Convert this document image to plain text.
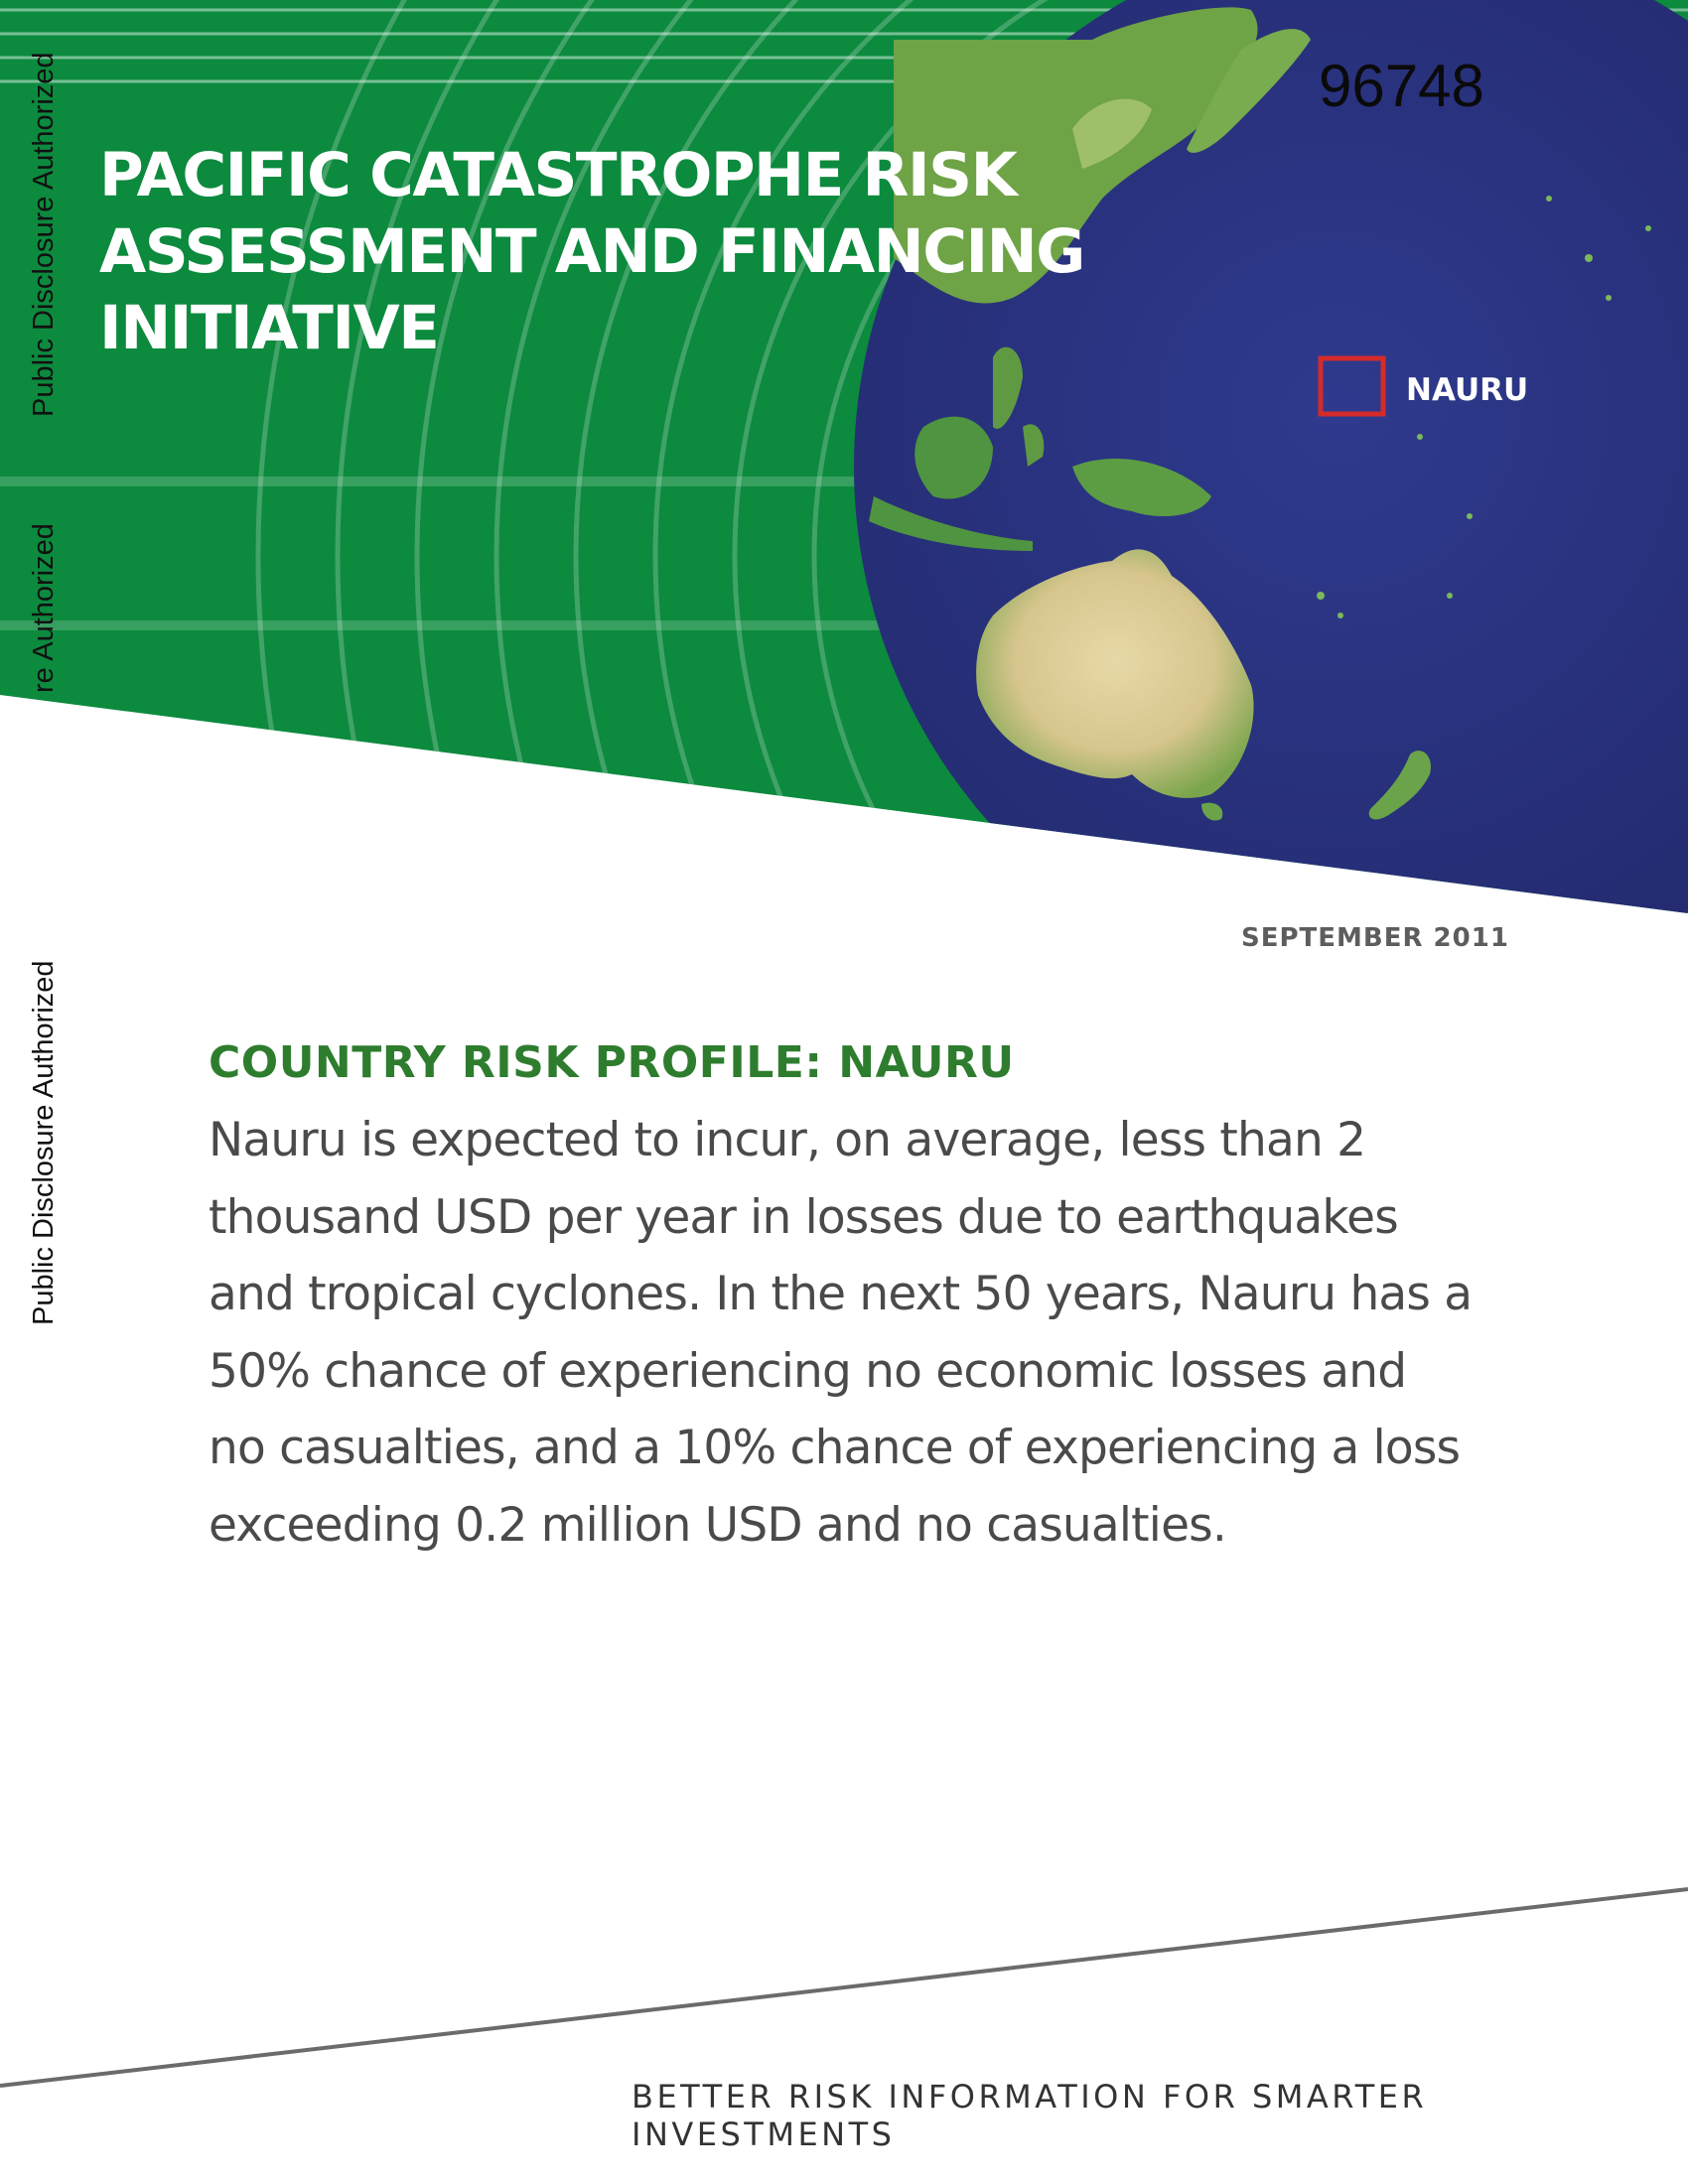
Public Disclosure Authorized
re Authorized
Public Disclosure Authorized
96748
PACIFIC CATASTROPHE RISK
ASSESSMENT AND FINANCING
INITIATIVE
NAURU
SEPTEMBER 2011
COUNTRY RISK PROFILE: NAURU

Nauru is expected to incur, on average, less than 2
thousand USD per year in losses due to earthquakes
and tropical cyclones. In the next 50 years, Nauru has a
50% chance of experiencing no economic losses and
no casualties, and a 10% chance of experiencing a loss
exceeding 0.2 million USD and no casualties.

BETTER RISK INFORMATION FOR SMARTER INVESTMENTS
